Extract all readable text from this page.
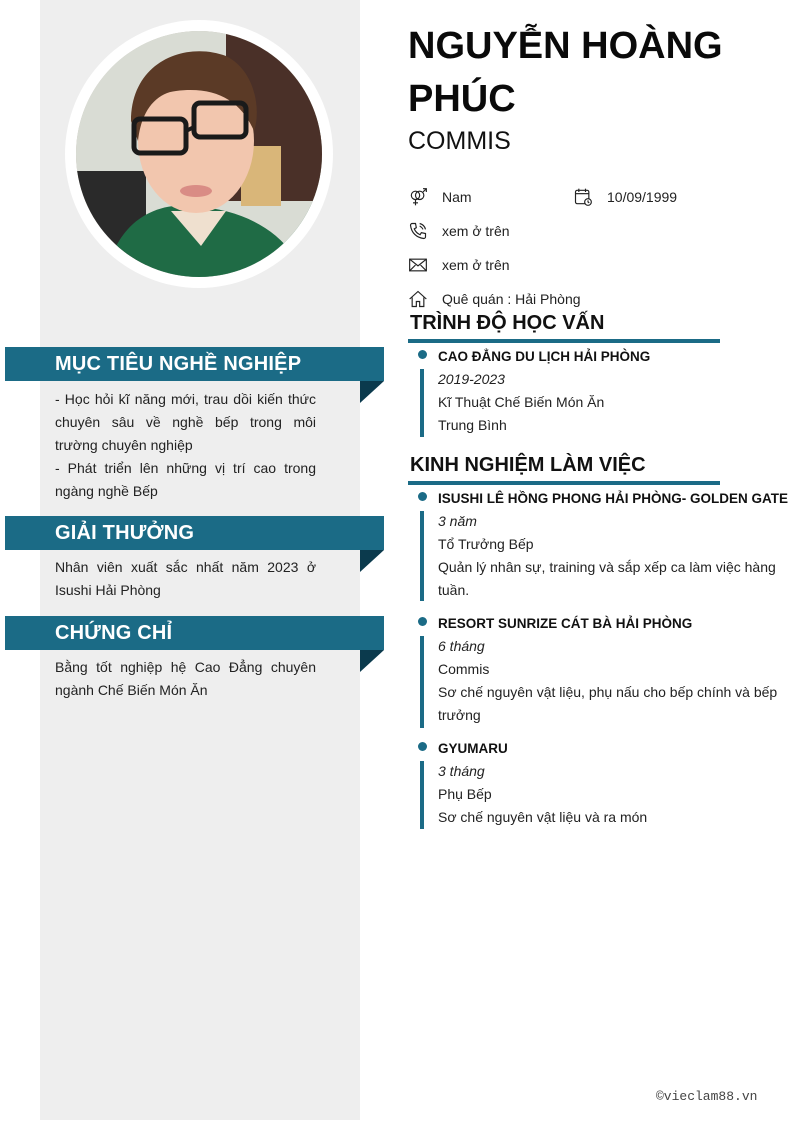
MỤC TIÊU NGHỀ NGHIỆP
- Học hỏi kĩ năng mới, trau dồi kiến thức chuyên sâu về nghề bếp trong môi trường chuyên nghiệp
- Phát triển lên những vị trí cao trong ngàng nghề Bếp
GIẢI THƯỞNG
Nhân viên xuất sắc nhất năm 2023 ở Isushi Hải Phòng
CHỨNG CHỈ
Bằng tốt nghiệp hệ Cao Đẳng chuyên ngành Chế Biến Món Ăn
NGUYỄN HOÀNG PHÚC
COMMIS
Nam	10/09/1999
xem ở trên
xem ở trên
Quê quán : Hải Phòng
TRÌNH ĐỘ HỌC VẤN
CAO ĐẲNG DU LỊCH HẢI PHÒNG
2019-2023
Kĩ Thuật Chế Biến Món Ăn
Trung Bình
KINH NGHIỆM LÀM VIỆC
ISUSHI LÊ HỒNG PHONG HẢI PHÒNG- GOLDEN GATE
3 năm
Tổ Trưởng Bếp
Quản lý nhân sự, training và sắp xếp ca làm việc hàng tuần.
RESORT SUNRIZE CÁT BÀ HẢI PHÒNG
6 tháng
Commis
Sơ chế nguyên vật liệu, phụ nấu cho bếp chính và bếp trưởng
GYUMARU
3 tháng
Phụ Bếp
Sơ chế nguyên vật liệu và ra món
©vieclam88.vn
